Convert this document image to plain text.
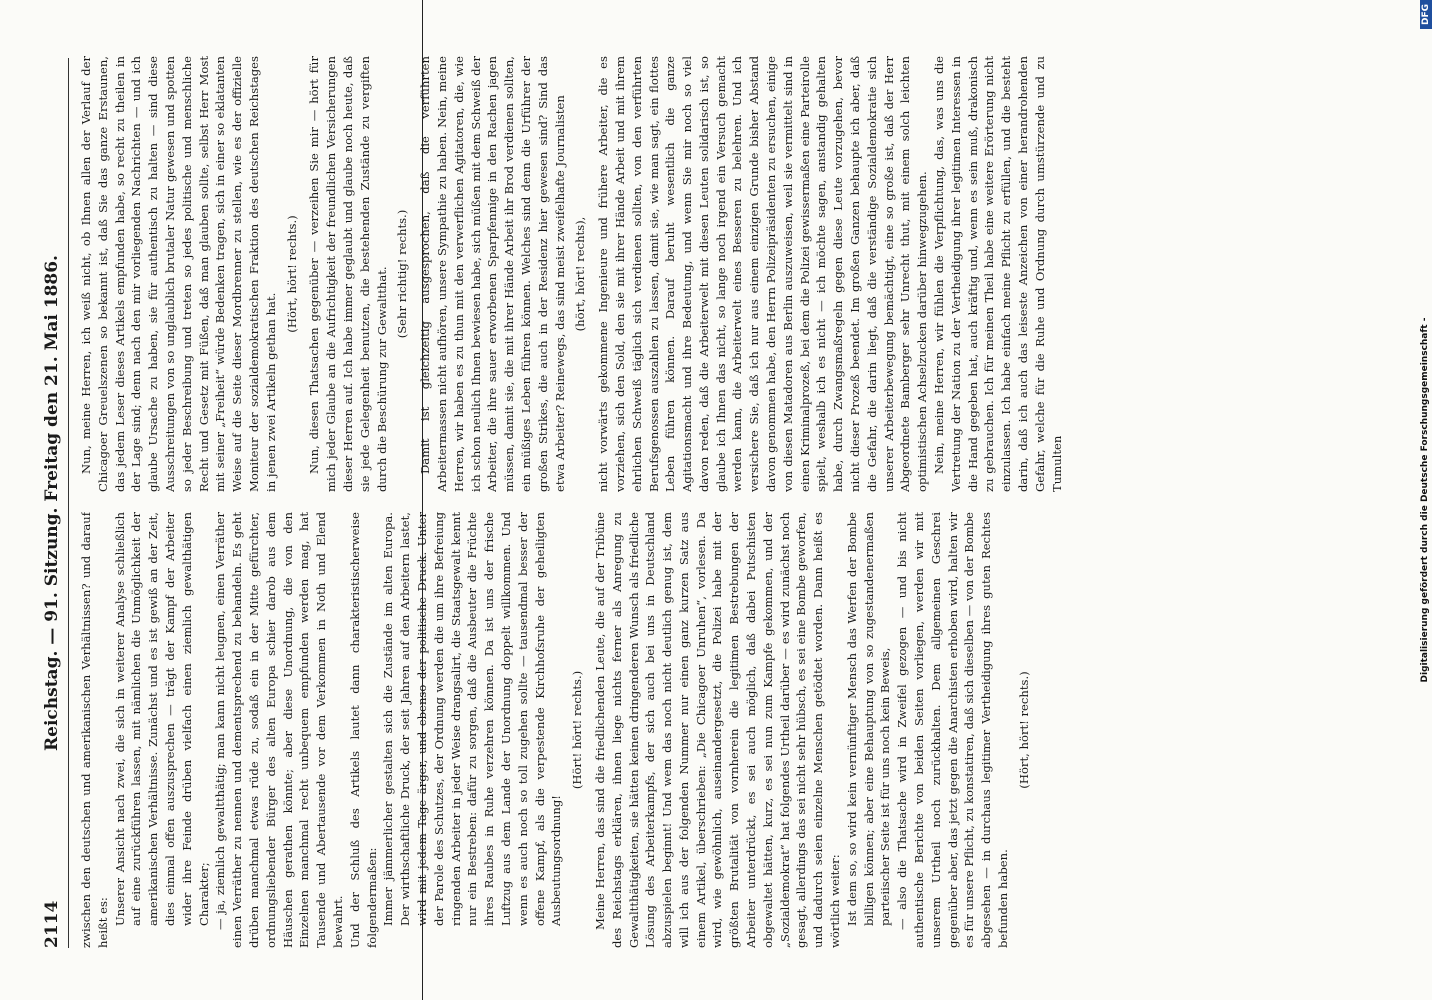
2114
Reichstag. — 91. Sitzung. Freitag den 21. Mai 1886. zwischen den deutschen und amerikanischen Verhältnissen? und darauf heißt es: Unserer Ansicht nach zwei, die sich in weiterer Analyse schließlich auf eine zurückführen lassen, mit nämlichen die Unmöglichkeit der amerikanischen Verhältnisse. Zunächst und es ist gewiß an der Zeit, dies einmal offen auszusprechen — trägt der Kampf der Arbeiter wider ihre Feinde drüben vielfach einen ziemlich gewalthätigen Charakter; — ja, ziemlich gewaltthätig; man kann nicht leugnen, einen Verräther einen Verräther zu nennen und dementsprechend zu behandeln. Es geht drüben manchmal etwas rüde zu, sodaß ein in der Mitte gefürchter, ordnungsliebender Bürger des alten Europa schier darob aus dem Häuschen gerathen könnte; aber diese Unordnung, die von den Einzelnen manchmal recht unbequem empfunden werden mag, hat Tausende und Abertausende vor dem Verkommen in Noth und Elend bewahrt. Und der Schluß des Artikels lautet dann charakteristischerweise folgendermaßen: Immer jämmerlicher gestalten sich die Zustände im alten Europa. Der wirthschaftliche Druck, der seit Jahren auf den Arbeitern lastet, wird mit jedem Tage ärger, und ebenso der politische Druck. Unter der Parole des Schutzes, der Ordnung werden die um ihre Befreiung ringenden Arbeiter in jeder Weise drangsalirt, die Staatsgewalt kennt nur ein Bestreben: dafür zu sorgen, daß die Ausbeuter die Früchte ihres Raubes in Ruhe verzehren können. Da ist uns der frische Luftzug aus dem Lande der Unordnung doppelt willkommen. Und wenn es auch noch so toll zugehen sollte — tausendmal besser der offene Kampf, als die verpestende Kirchhofsruhe der geheiligten Ausbeutungsordnung!

(Hört! hört! rechts.) Meine Herren, das sind die friedlichenden Leute, die auf der Tribüne des Reichstags erklären, ihnen liege nichts ferner als Anregung zu Gewaltthätigkeiten, sie hätten keinen dringenderen Wunsch als friedliche Lösung des Arbeiterkampfs, der sich auch bei uns in Deutschland abzuspielen beginnt! Und wem das noch nicht deutlich genug ist, dem will ich aus der folgenden Nummer nur einen ganz kurzen Satz aus einem Artikel, überschrieben: „Die Chicagoer Unruhen“, vorlesen. Da wird, wie gewöhnlich, auseinandergesetzt, die Polizei habe mit der größten Brutalität von vornherein die legitimen Bestrebungen der Arbeiter unterdrückt, es sei auch möglich, daß dabei Putschisten obgewaltet hätten, kurz, es sei nun zum Kampfe gekommen, und der „Sozialdemokrat“ hat folgendes Urtheil darüber — es wird zunächst noch gesagt, allerdings das sei nicht sehr hübsch, es sei eine Bombe geworfen, und dadurch seien einzelne Menschen getödtet worden. Dann heißt es wörtlich weiter: Ist dem so, so wird kein vernünftiger Mensch das Werfen der Bombe billigen können; aber eine Behauptung von so zugestandenermaßen parteiischer Seite ist für uns noch kein Beweis, — also die Thatsache wird in Zweifel gezogen — und bis nicht authentische Berichte von beiden Seiten vorliegen, werden wir mit unserem Urtheil noch zurückhalten. Dem allgemeinen Geschrei gegenüber aber, das jetzt gegen die Anarchisten erhoben wird, halten wir es für unsere Pflicht, zu konstatiren, daß sich dieselben — von der Bombe abgesehen — in durchaus legitimer Vertheidigung ihres guten Rechtes befunden haben.

(Hört, hört! rechts.)

Nun, meine Herren, ich weiß nicht, ob Ihnen allen der Verlauf der Chicagoer Greuelszenen so bekannt ist, daß Sie das ganze Erstaunen, das jedem Leser dieses Artikels empfunden habe, so recht zu theilen in der Lage sind; denn nach den mir vorliegenden Nachrichten — und ich glaube Ursache zu haben, sie für authentisch zu halten — sind diese Ausschreitungen von so unglaublich brutaler Natur gewesen und spotten so jeder Beschreibung und treten so jedes politische und menschliche Recht und Gesetz mit Füßen, daß man glauben sollte, selbst Herr Most mit seiner „Freiheit“ würde Bedenken tragen, sich in einer so eklatanten Weise auf die Seite dieser Mordbrenner zu stellen, wie es der offizielle Moniteur der sozialdemokratischen Fraktion des deutschen Reichstages in jenen zwei Artikeln gethan hat.

(Hört, hört! rechts.) Nun, diesen Thatsachen gegenüber — verzeihen Sie mir — hört für mich jeder Glaube an die Aufrichtigkeit der freundlichen Versicherungen dieser Herren auf. Ich habe immer geglaubt und glaube noch heute, daß sie jede Gelegenheit benutzen, die bestehenden Zustände zu vergiften durch die Beschürung zur Gewaltthat. (Sehr richtig! rechts.) Damit ist gleichzeitig ausgesprochen, daß die verführten Arbeitermassen nicht aufhören, unsere Sympathie zu haben. Nein, meine Herren, wir haben es zu thun mit den verwerflichen Agitatoren, die, wie ich schon neulich Ihnen bewiesen habe, sich müßen mit dem Schweiß der Arbeiter, die ihre sauer erworbenen Sparpfennige in den Rachen jagen müssen, damit sie, die mit ihrer Hände Arbeit ihr Brod verdienen sollten, ein müßiges Leben führen können. Welches sind denn die Urführer der großen Strikes, die auch in der Residenz hier gewesen sind? Sind das etwa Arbeiter? Reinewegs, das sind meist zweifelhafte Journalisten (hört, hört! rechts), nicht vorwärts gekommene Ingenieure und frühere Arbeiter, die es vorziehen, sich den Sold, den sie mit ihrer Hände Arbeit und mit ihrem ehrlichen Schweiß täglich sich verdienen sollten, von den verführten Berufsgenossen auszahlen zu lassen, damit sie, wie man sagt, ein flottes Leben führen können. Darauf beruht wesentlich die ganze Agitationsmacht und ihre Bedeutung, und wenn Sie mir noch so viel davon reden, daß die Arbeiterwelt mit diesen Leuten solidarisch ist, so glaube ich Ihnen das nicht, so lange noch irgend ein Versuch gemacht werden kann, die Arbeiterwelt eines Besseren zu belehren. Und ich versichere Sie, daß ich nur aus einem einzigen Grunde bisher Abstand davon genommen habe, den Herrn Polizeipräsidenten zu ersuchen, einige von diesen Matadoren aus Berlin auszuweisen, weil sie vermittelt sind in einen Kriminalprozeß, bei dem die Polizei gewissermaßen eine Parteirolle spielt, weshalb ich es nicht — ich möchte sagen, anstandig gehalten habe, durch Zwangsmaßregeln gegen diese Leute vorzugehen, bevor nicht dieser Prozeß beendet. Im großen Ganzen behaupte ich aber, daß die Gefahr, die darin liegt, daß die verständige Sozialdemokratie sich unserer Arbeiterbewegung bemächtigt, eine so große ist, daß der Herr Abgeordnete Bamberger sehr Unrecht thut, mit einem solch leichten optimistischen Achselzucken darüber hinwegzugehen. Nein, meine Herren, wir fühlen die Verpflichtung, das, was uns die Vertretung der Nation zu der Vertheidigung ihrer legitimen Interessen in die Hand gegeben hat, auch kräftig und, wenn es sein muß, drakonisch zu gebrauchen. Ich für meinen Theil habe eine weitere Erörterung nicht einzulassen. Ich habe einfach meine Pflicht zu erfüllen, und die besteht darin, daß ich auch das leiseste Anzeichen von einer herandrohenden Gefahr, welche für die Ruhe und Ordnung durch umstürzende und zu Tumulten	Digitalisierung gefördert durch die Deutsche Forschungsgemeinschaft -
DFG
